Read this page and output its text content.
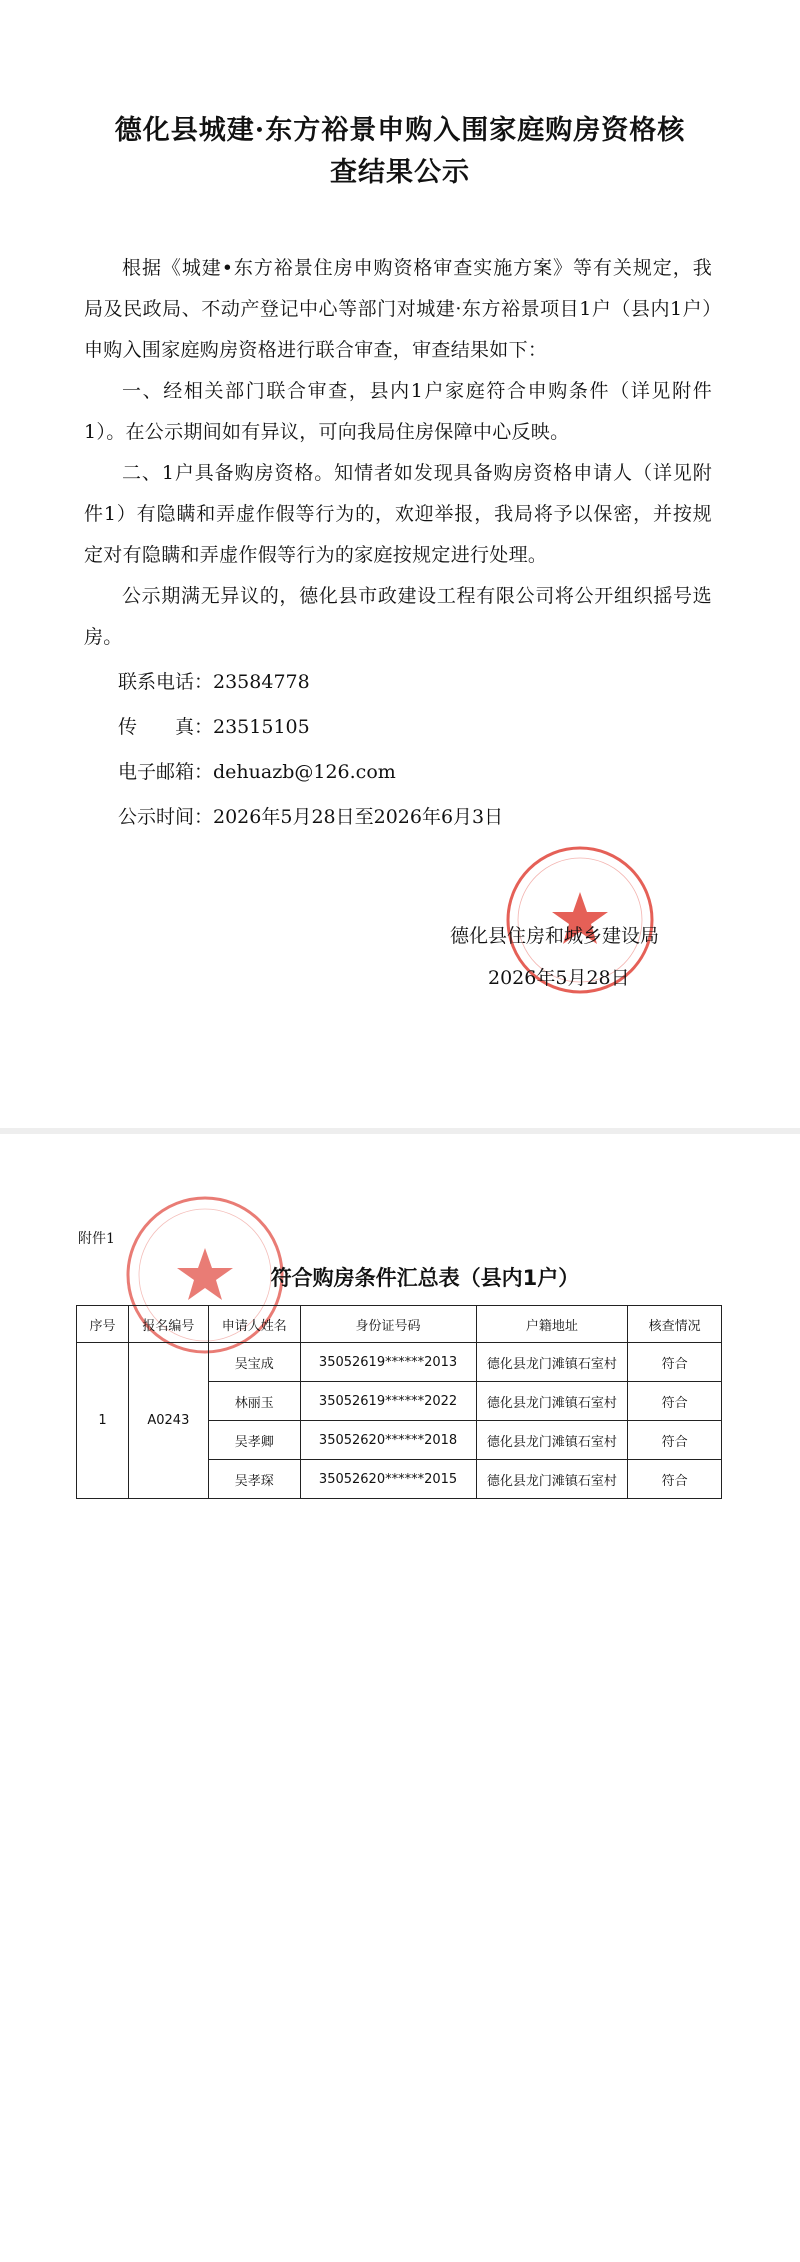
德化县城建·东方裕景申购入围家庭购房资格核
查结果公示
根据《城建•东方裕景住房申购资格审查实施方案》等有关规定，我局及民政局、不动产登记中心等部门对城建·东方裕景项目1户（县内1户）申购入围家庭购房资格进行联合审查，审查结果如下：
一、经相关部门联合审查，县内1户家庭符合申购条件（详见附件1）。在公示期间如有异议，可向我局住房保障中心反映。
二、1户具备购房资格。知情者如发现具备购房资格申请人（详见附件1）有隐瞒和弄虚作假等行为的，欢迎举报，我局将予以保密，并按规定对有隐瞒和弄虚作假等行为的家庭按规定进行处理。
公示期满无异议的，德化县市政建设工程有限公司将公开组织摇号选房。
联系电话：23584778
传　　真：23515105
电子邮箱：dehuazb@126.com
公示时间：2026年5月28日至2026年6月3日
德化县住房和城乡建设局
2026年5月28日
附件1
符合购房条件汇总表（县内1户）
序号	报名编号	申请人姓名	身份证号码	户籍地址	核查情况
1	A0243	吴宝成	35052619******2013	德化县龙门滩镇石室村	符合
		林丽玉	35052619******2022	德化县龙门滩镇石室村	符合
		吴孝卿	35052620******2018	德化县龙门滩镇石室村	符合
		吴孝琛	35052620******2015	德化县龙门滩镇石室村	符合
